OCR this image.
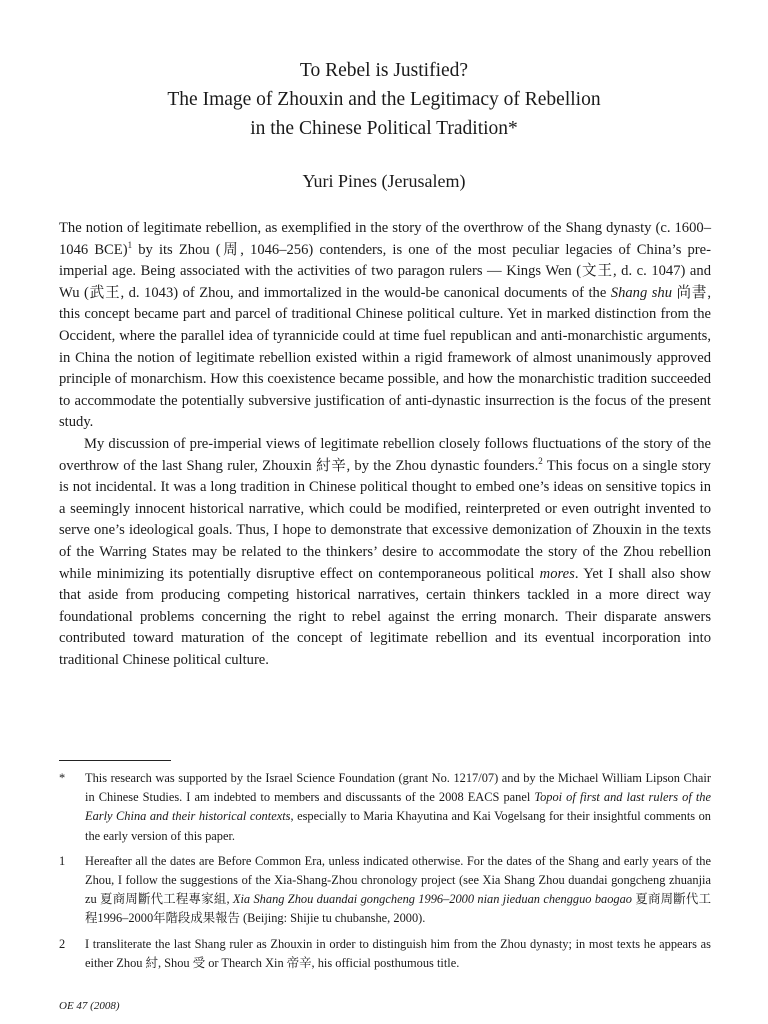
To Rebel is Justified?
The Image of Zhouxin and the Legitimacy of Rebellion
in the Chinese Political Tradition*
Yuri Pines (Jerusalem)

The notion of legitimate rebellion, as exemplified in the story of the overthrow of the Shang dynasty (c. 1600–1046 BCE)$^1$ by its Zhou (周, 1046–256) contenders, is one of the most peculiar legacies of China’s pre-imperial age. Being associated with the activities of two paragon rulers — Kings Wen (文王, d. c. 1047) and Wu (武王, d. 1043) of Zhou, and immortalized in the would-be canonical documents of the Shang shu 尚書, this concept became part and parcel of traditional Chinese political culture. Yet in marked distinction from the Occident, where the parallel idea of tyrannicide could at time fuel republican and anti-monarchistic arguments, in China the notion of legitimate rebellion existed within a rigid framework of almost unanimously approved principle of monarchism. How this coexistence became possible, and how the monarchistic tradition succeeded to accommodate the potentially subversive justification of anti-dynastic insurrection is the focus of the present study.

My discussion of pre-imperial views of legitimate rebellion closely follows fluctuations of the story of the overthrow of the last Shang ruler, Zhouxin 紂辛, by the Zhou dynastic founders.$^2$ This focus on a single story is not incidental. It was a long tradition in Chinese political thought to embed one’s ideas on sensitive topics in a seemingly innocent historical narrative, which could be modified, reinterpreted or even outright invented to serve one’s ideological goals. Thus, I hope to demonstrate that excessive demonization of Zhouxin in the texts of the Warring States may be related to the thinkers’ desire to accommodate the story of the Zhou rebellion while minimizing its potentially disruptive effect on contemporaneous political mores. Yet I shall also show that aside from producing competing historical narratives, certain thinkers tackled in a more direct way foundational problems concerning the right to rebel against the erring monarch. Their disparate answers contributed toward maturation of the concept of legitimate rebellion and its eventual incorporation into traditional Chinese political culture.

*	This research was supported by the Israel Science Foundation (grant No. 1217/07) and by the Michael William Lipson Chair in Chinese Studies. I am indebted to members and discussants of the 2008 EACS panel Topoi of first and last rulers of the Early China and their historical contexts, especially to Maria Khayutina and Kai Vogelsang for their insightful comments on the early version of this paper.
1	Hereafter all the dates are Before Common Era, unless indicated otherwise. For the dates of the Shang and early years of the Zhou, I follow the suggestions of the Xia-Shang-Zhou chronology project (see Xia Shang Zhou duandai gongcheng zhuanjia zu 夏商周斷代工程專家組, Xia Shang Zhou duandai gongcheng 1996–2000 nian jieduan chengguo baogao 夏商周斷代工程1996–2000年階段成果報告 (Beijing: Shijie tu chubanshe, 2000).
2	I transliterate the last Shang ruler as Zhouxin in order to distinguish him from the Zhou dynasty; in most texts he appears as either Zhou 紂, Shou 受 or Thearch Xin 帝辛, his official posthumous title.
OE 47 (2008)
